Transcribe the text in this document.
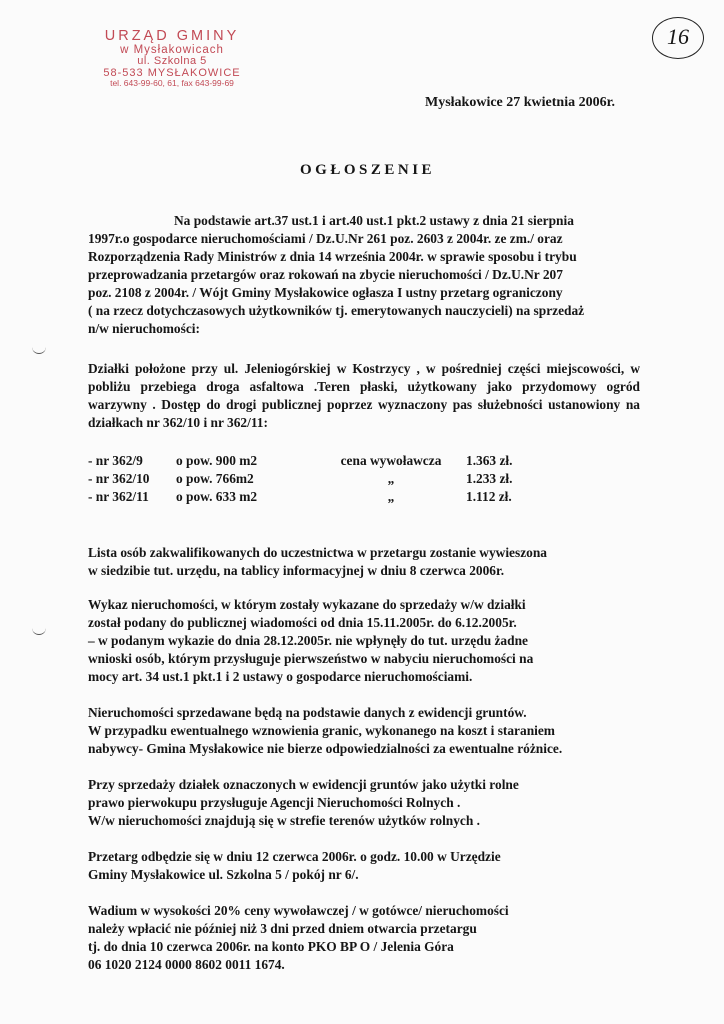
URZĄD GMINY
w Mysłakowicach
ul. Szkolna 5
58-533 MYSŁAKOWICE
tel. 643-99-60, 61, fax 643-99-69
16
Mysłakowice 27 kwietnia 2006r.
OGŁOSZENIE

Na podstawie art.37 ust.1 i art.40 ust.1 pkt.2 ustawy z dnia 21 sierpnia
1997r.o gospodarce nieruchomościami / Dz.U.Nr 261 poz. 2603 z 2004r. ze zm./ oraz
Rozporządzenia Rady Ministrów z dnia 14 września 2004r. w sprawie sposobu i trybu
przeprowadzania przetargów oraz rokowań na zbycie nieruchomości / Dz.U.Nr 207
poz. 2108 z 2004r. / Wójt Gminy Mysłakowice ogłasza I ustny przetarg ograniczony
( na rzecz dotychczasowych użytkowników tj. emerytowanych nauczycieli) na sprzedaż
n/w nieruchomości:

Działki położone przy ul. Jeleniogórskiej w Kostrzycy , w pośredniej części miejscowości, w pobliżu przebiega droga asfaltowa .Teren płaski, użytkowany jako przydomowy ogród warzywny . Dostęp do drogi publicznej poprzez wyznaczony pas służebności ustanowiony na działkach nr 362/10 i nr 362/11:

- nr 362/9	o pow. 900 m2	cena wywoławcza	1.363 zł.
- nr 362/10	o pow. 766m2	„	1.233 zł.
- nr 362/11	o pow. 633 m2	„	1.112 zł.

Lista osób zakwalifikowanych do uczestnictwa w przetargu zostanie wywieszona
w siedzibie tut. urzędu, na tablicy informacyjnej w dniu 8 czerwca 2006r.

Wykaz nieruchomości, w którym zostały wykazane do sprzedaży w/w działki
został podany do publicznej wiadomości od dnia 15.11.2005r. do 6.12.2005r.
– w podanym wykazie do dnia 28.12.2005r. nie wpłynęły do tut. urzędu żadne
wnioski osób, którym przysługuje pierwszeństwo w nabyciu nieruchomości na
mocy art. 34 ust.1 pkt.1 i 2 ustawy o gospodarce nieruchomościami.

Nieruchomości sprzedawane będą na podstawie danych z ewidencji gruntów.
W przypadku ewentualnego wznowienia granic, wykonanego na koszt i staraniem
nabywcy- Gmina Mysłakowice nie bierze odpowiedzialności za ewentualne różnice.

Przy sprzedaży działek oznaczonych w ewidencji gruntów jako użytki rolne
prawo pierwokupu przysługuje Agencji Nieruchomości Rolnych .
W/w nieruchomości znajdują się w strefie terenów użytków rolnych .

Przetarg odbędzie się w dniu 12 czerwca 2006r. o godz. 10.00 w Urzędzie
Gminy Mysłakowice ul. Szkolna 5 / pokój nr 6/.

Wadium w wysokości 20% ceny wywoławczej / w gotówce/ nieruchomości
należy wpłacić nie później niż 3 dni przed dniem otwarcia przetargu
tj. do dnia 10 czerwca 2006r. na konto PKO BP O / Jelenia Góra
06 1020 2124 0000 8602 0011 1674.
